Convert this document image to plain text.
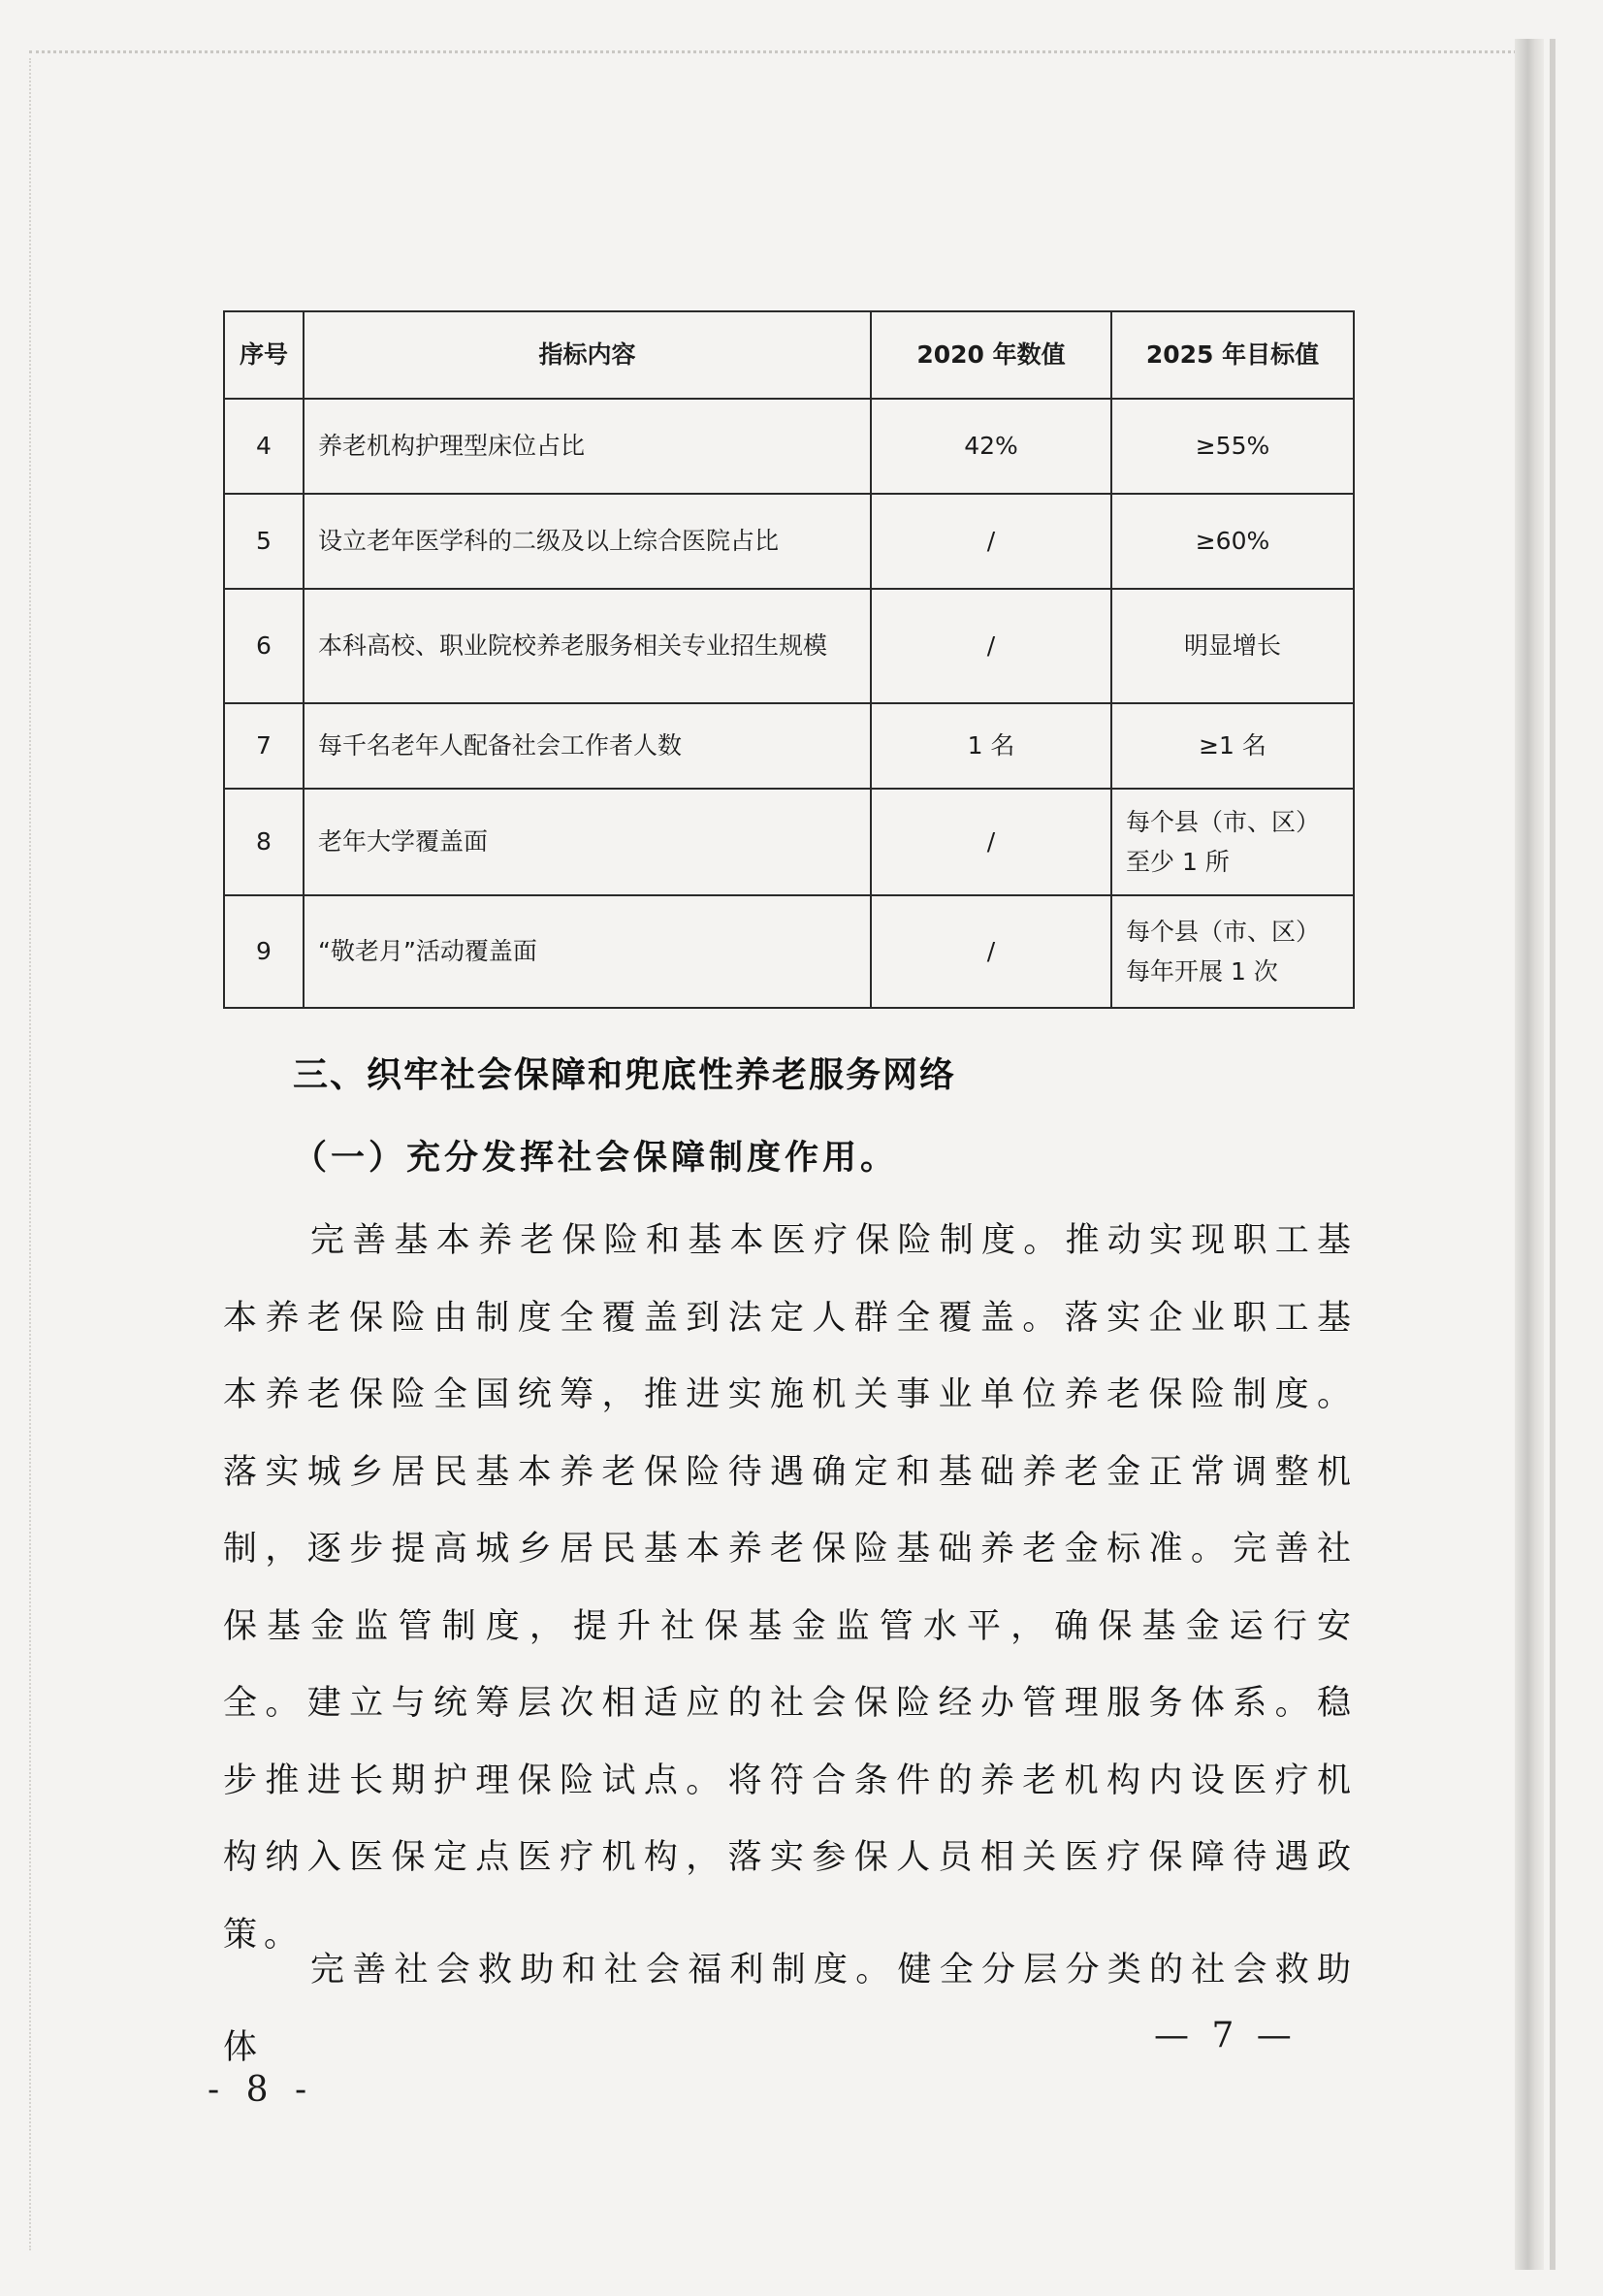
序号	指标内容	2020 年数值	2025 年目标值
4	养老机构护理型床位占比	42%	≥55%
5	设立老年医学科的二级及以上综合医院占比	/	≥60%
6	本科高校、职业院校养老服务相关专业招生规模	/	明显增长
7	每千名老年人配备社会工作者人数	1 名	≥1 名
8	老年大学覆盖面	/	每个县（市、区）至少 1 所
9	“敬老月”活动覆盖面	/	每个县（市、区）每年开展 1 次
三、织牢社会保障和兜底性养老服务网络
（一）充分发挥社会保障制度作用。

完善基本养老保险和基本医疗保险制度。推动实现职工基本养老保险由制度全覆盖到法定人群全覆盖。落实企业职工基本养老保险全国统筹，推进实施机关事业单位养老保险制度。落实城乡居民基本养老保险待遇确定和基础养老金正常调整机制，逐步提高城乡居民基本养老保险基础养老金标准。完善社保基金监管制度，提升社保基金监管水平，确保基金运行安全。建立与统筹层次相适应的社会保险经办管理服务体系。稳步推进长期护理保险试点。将符合条件的养老机构内设医疗机构纳入医保定点医疗机构，落实参保人员相关医疗保障待遇政策。

完善社会救助和社会福利制度。健全分层分类的社会救助体	— 7 —
- 8 -
